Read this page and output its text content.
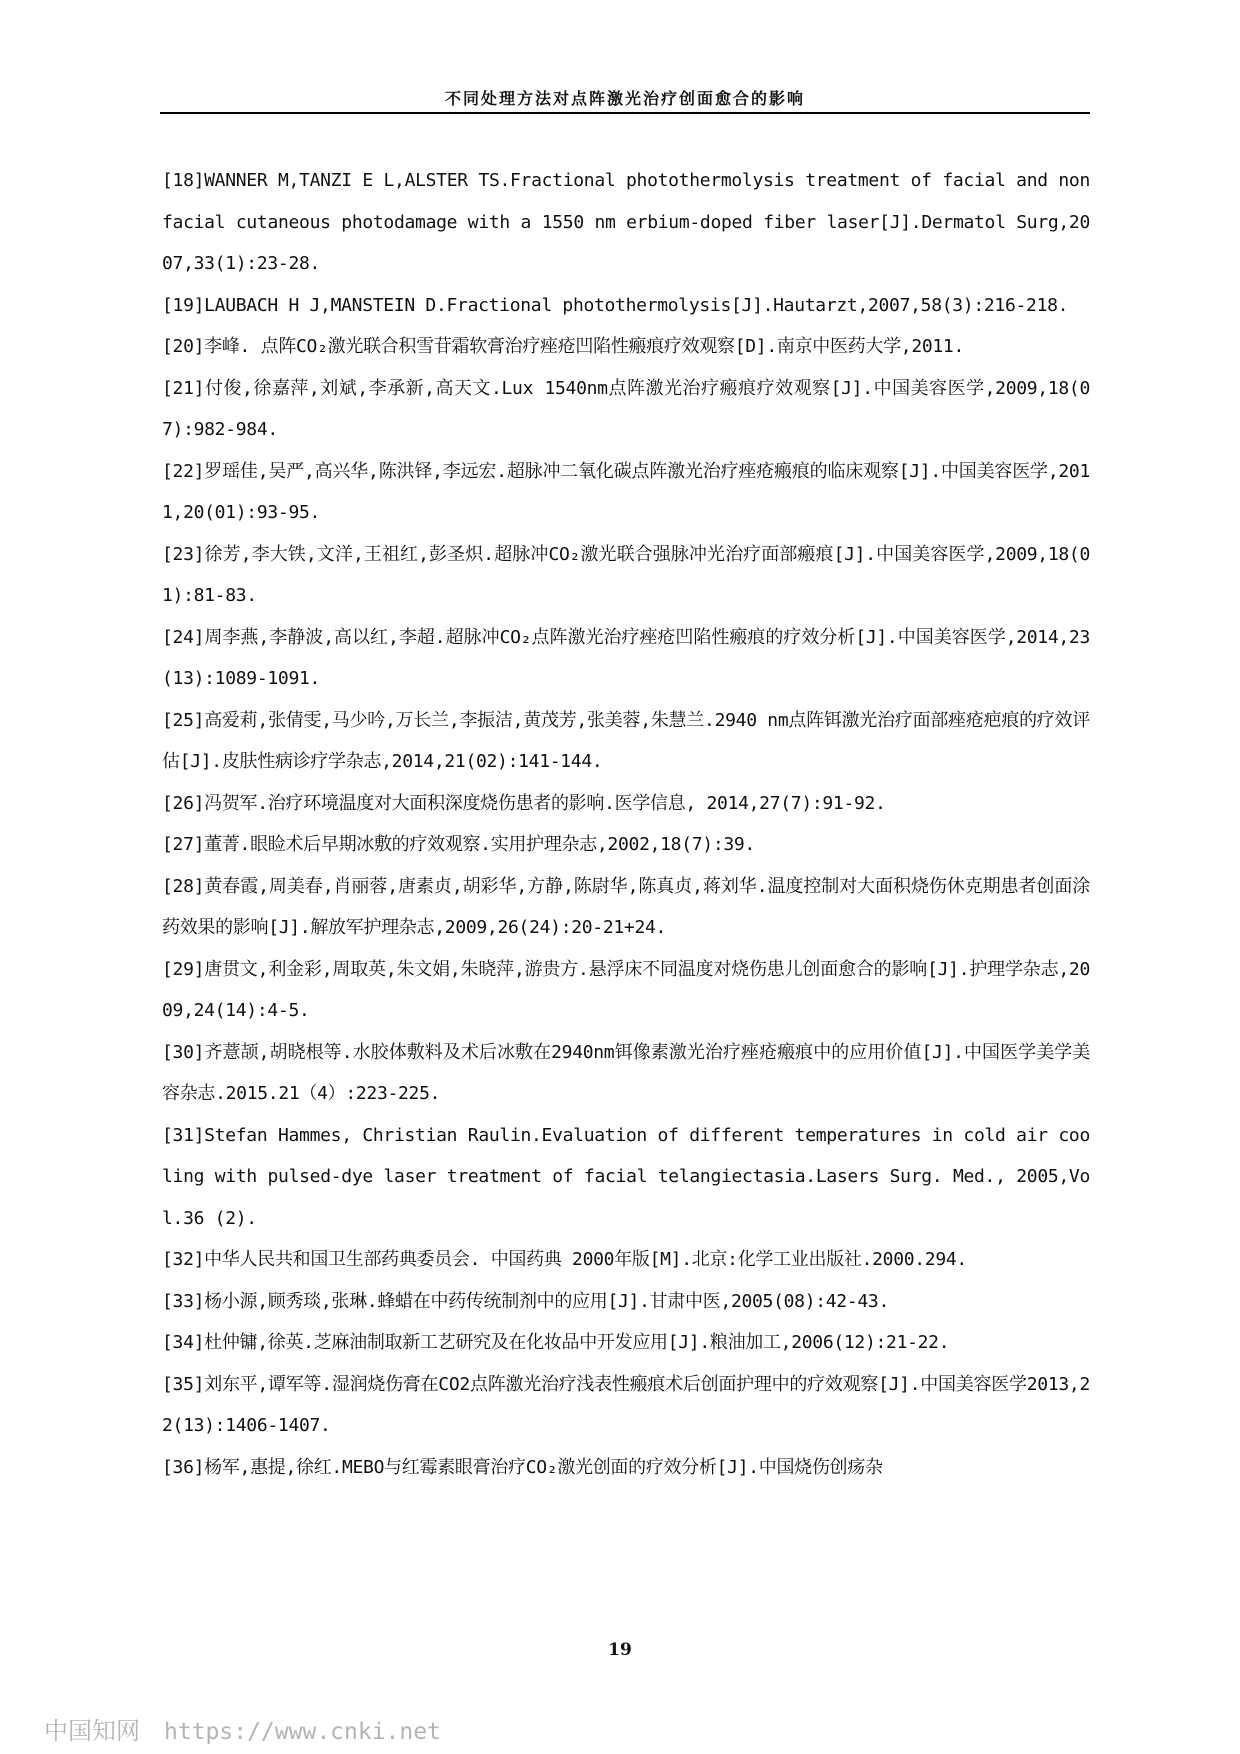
不同处理方法对点阵激光治疗创面愈合的影响
[18]WANNER M,TANZI E L,ALSTER TS.Fractional photothermolysis treatment of facial and nonfacial cutaneous photodamage with a 1550 nm erbium-doped fiber laser[J].Dermatol Surg,2007,33(1):23-28.
[19]LAUBACH H J,MANSTEIN D.Fractional photothermolysis[J].Hautarzt,2007,58(3):216-218.
[20]李峰. 点阵CO₂激光联合积雪苷霜软膏治疗痤疮凹陷性瘢痕疗效观察[D].南京中医药大学,2011.
[21]付俊,徐嘉萍,刘斌,李承新,高天文.Lux 1540nm点阵激光治疗瘢痕疗效观察[J].中国美容医学,2009,18(07):982-984.
[22]罗瑶佳,吴严,高兴华,陈洪铎,李远宏.超脉冲二氧化碳点阵激光治疗痤疮瘢痕的临床观察[J].中国美容医学,2011,20(01):93-95.
[23]徐芳,李大铁,文洋,王祖红,彭圣炽.超脉冲CO₂激光联合强脉冲光治疗面部瘢痕[J].中国美容医学,2009,18(01):81-83.
[24]周李燕,李静波,高以红,李超.超脉冲CO₂点阵激光治疗痤疮凹陷性瘢痕的疗效分析[J].中国美容医学,2014,23(13):1089-1091.
[25]高爱莉,张倩雯,马少吟,万长兰,李振洁,黄茂芳,张美蓉,朱慧兰.2940 nm点阵铒激光治疗面部痤疮疤痕的疗效评估[J].皮肤性病诊疗学杂志,2014,21(02):141-144.
[26]冯贺军.治疗环境温度对大面积深度烧伤患者的影响.医学信息, 2014,27(7):91-92.
[27]董菁.眼睑术后早期冰敷的疗效观察.实用护理杂志,2002,18(7):39.
[28]黄春霞,周美春,肖丽蓉,唐素贞,胡彩华,方静,陈尉华,陈真贞,蒋刘华.温度控制对大面积烧伤休克期患者创面涂药效果的影响[J].解放军护理杂志,2009,26(24):20-21+24.
[29]唐贯文,利金彩,周取英,朱文娟,朱晓萍,游贵方.悬浮床不同温度对烧伤患儿创面愈合的影响[J].护理学杂志,2009,24(14):4-5.
[30]齐薏颉,胡晓根等.水胶体敷料及术后冰敷在2940nm铒像素激光治疗痤疮瘢痕中的应用价值[J].中国医学美学美容杂志.2015.21（4）:223-225.
[31]Stefan Hammes, Christian Raulin.Evaluation of different temperatures in cold air cooling with pulsed‐dye laser treatment of facial telangiectasia.Lasers Surg. Med., 2005,Vol.36 (2).
[32]中华人民共和国卫生部药典委员会. 中国药典 2000年版[M].北京:化学工业出版社.2000.294.
[33]杨小源,顾秀琰,张琳.蜂蜡在中药传统制剂中的应用[J].甘肃中医,2005(08):42-43.
[34]杜仲镛,徐英.芝麻油制取新工艺研究及在化妆品中开发应用[J].粮油加工,2006(12):21-22.
[35]刘东平,谭军等.湿润烧伤膏在CO2点阵激光治疗浅表性瘢痕术后创面护理中的疗效观察[J].中国美容医学2013,22(13):1406-1407.
[36]杨军,惠提,徐红.MEBO与红霉素眼膏治疗CO₂激光创面的疗效分析[J].中国烧伤创疡杂
19
中国知网 https://www.cnki.net
